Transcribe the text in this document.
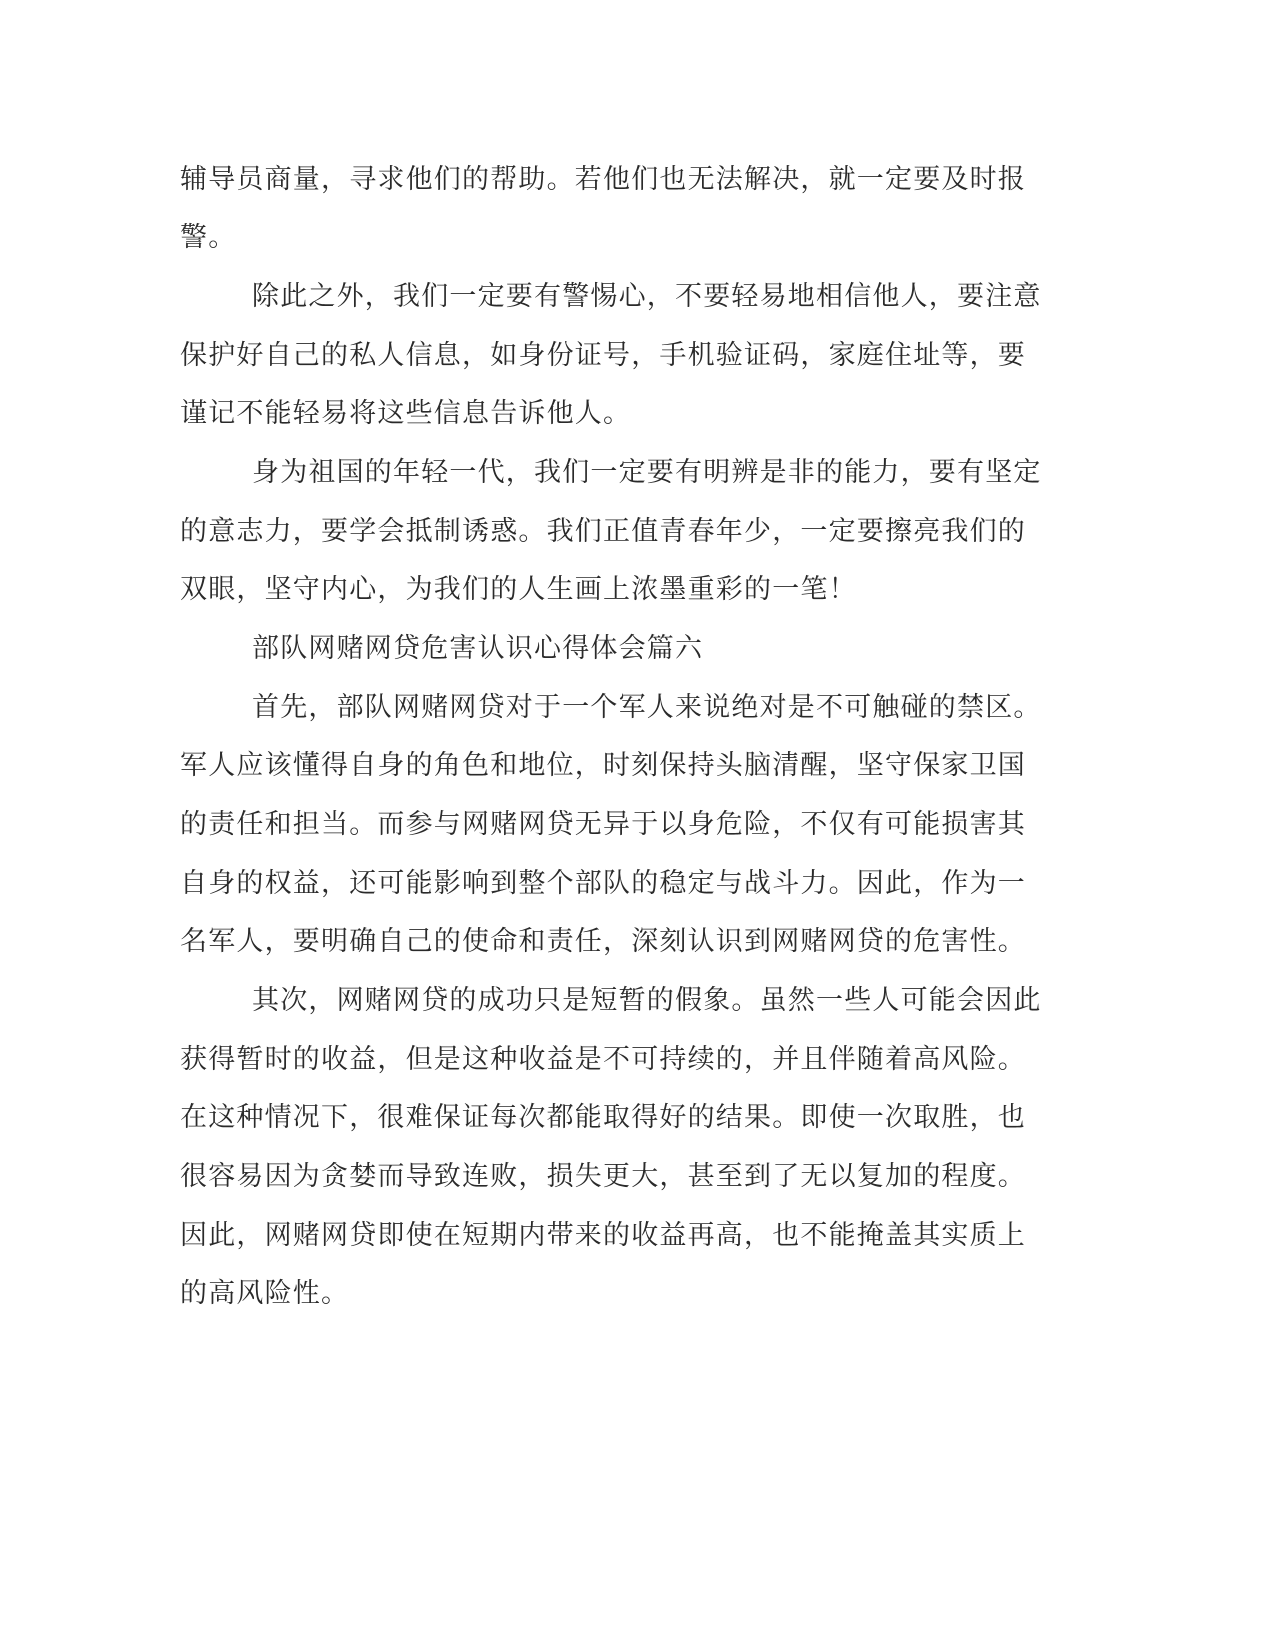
辅导员商量，寻求他们的帮助。若他们也无法解决，就一定要及时报

警。

除此之外，我们一定要有警惕心，不要轻易地相信他人，要注意

保护好自己的私人信息，如身份证号，手机验证码，家庭住址等，要

谨记不能轻易将这些信息告诉他人。

身为祖国的年轻一代，我们一定要有明辨是非的能力，要有坚定

的意志力，要学会抵制诱惑。我们正值青春年少，一定要擦亮我们的

双眼，坚守内心，为我们的人生画上浓墨重彩的一笔！

部队网赌网贷危害认识心得体会篇六

首先，部队网赌网贷对于一个军人来说绝对是不可触碰的禁区。

军人应该懂得自身的角色和地位，时刻保持头脑清醒，坚守保家卫国

的责任和担当。而参与网赌网贷无异于以身危险，不仅有可能损害其

自身的权益，还可能影响到整个部队的稳定与战斗力。因此，作为一

名军人，要明确自己的使命和责任，深刻认识到网赌网贷的危害性。

其次，网赌网贷的成功只是短暂的假象。虽然一些人可能会因此

获得暂时的收益，但是这种收益是不可持续的，并且伴随着高风险。

在这种情况下，很难保证每次都能取得好的结果。即使一次取胜，也

很容易因为贪婪而导致连败，损失更大，甚至到了无以复加的程度。

因此，网赌网贷即使在短期内带来的收益再高，也不能掩盖其实质上

的高风险性。
